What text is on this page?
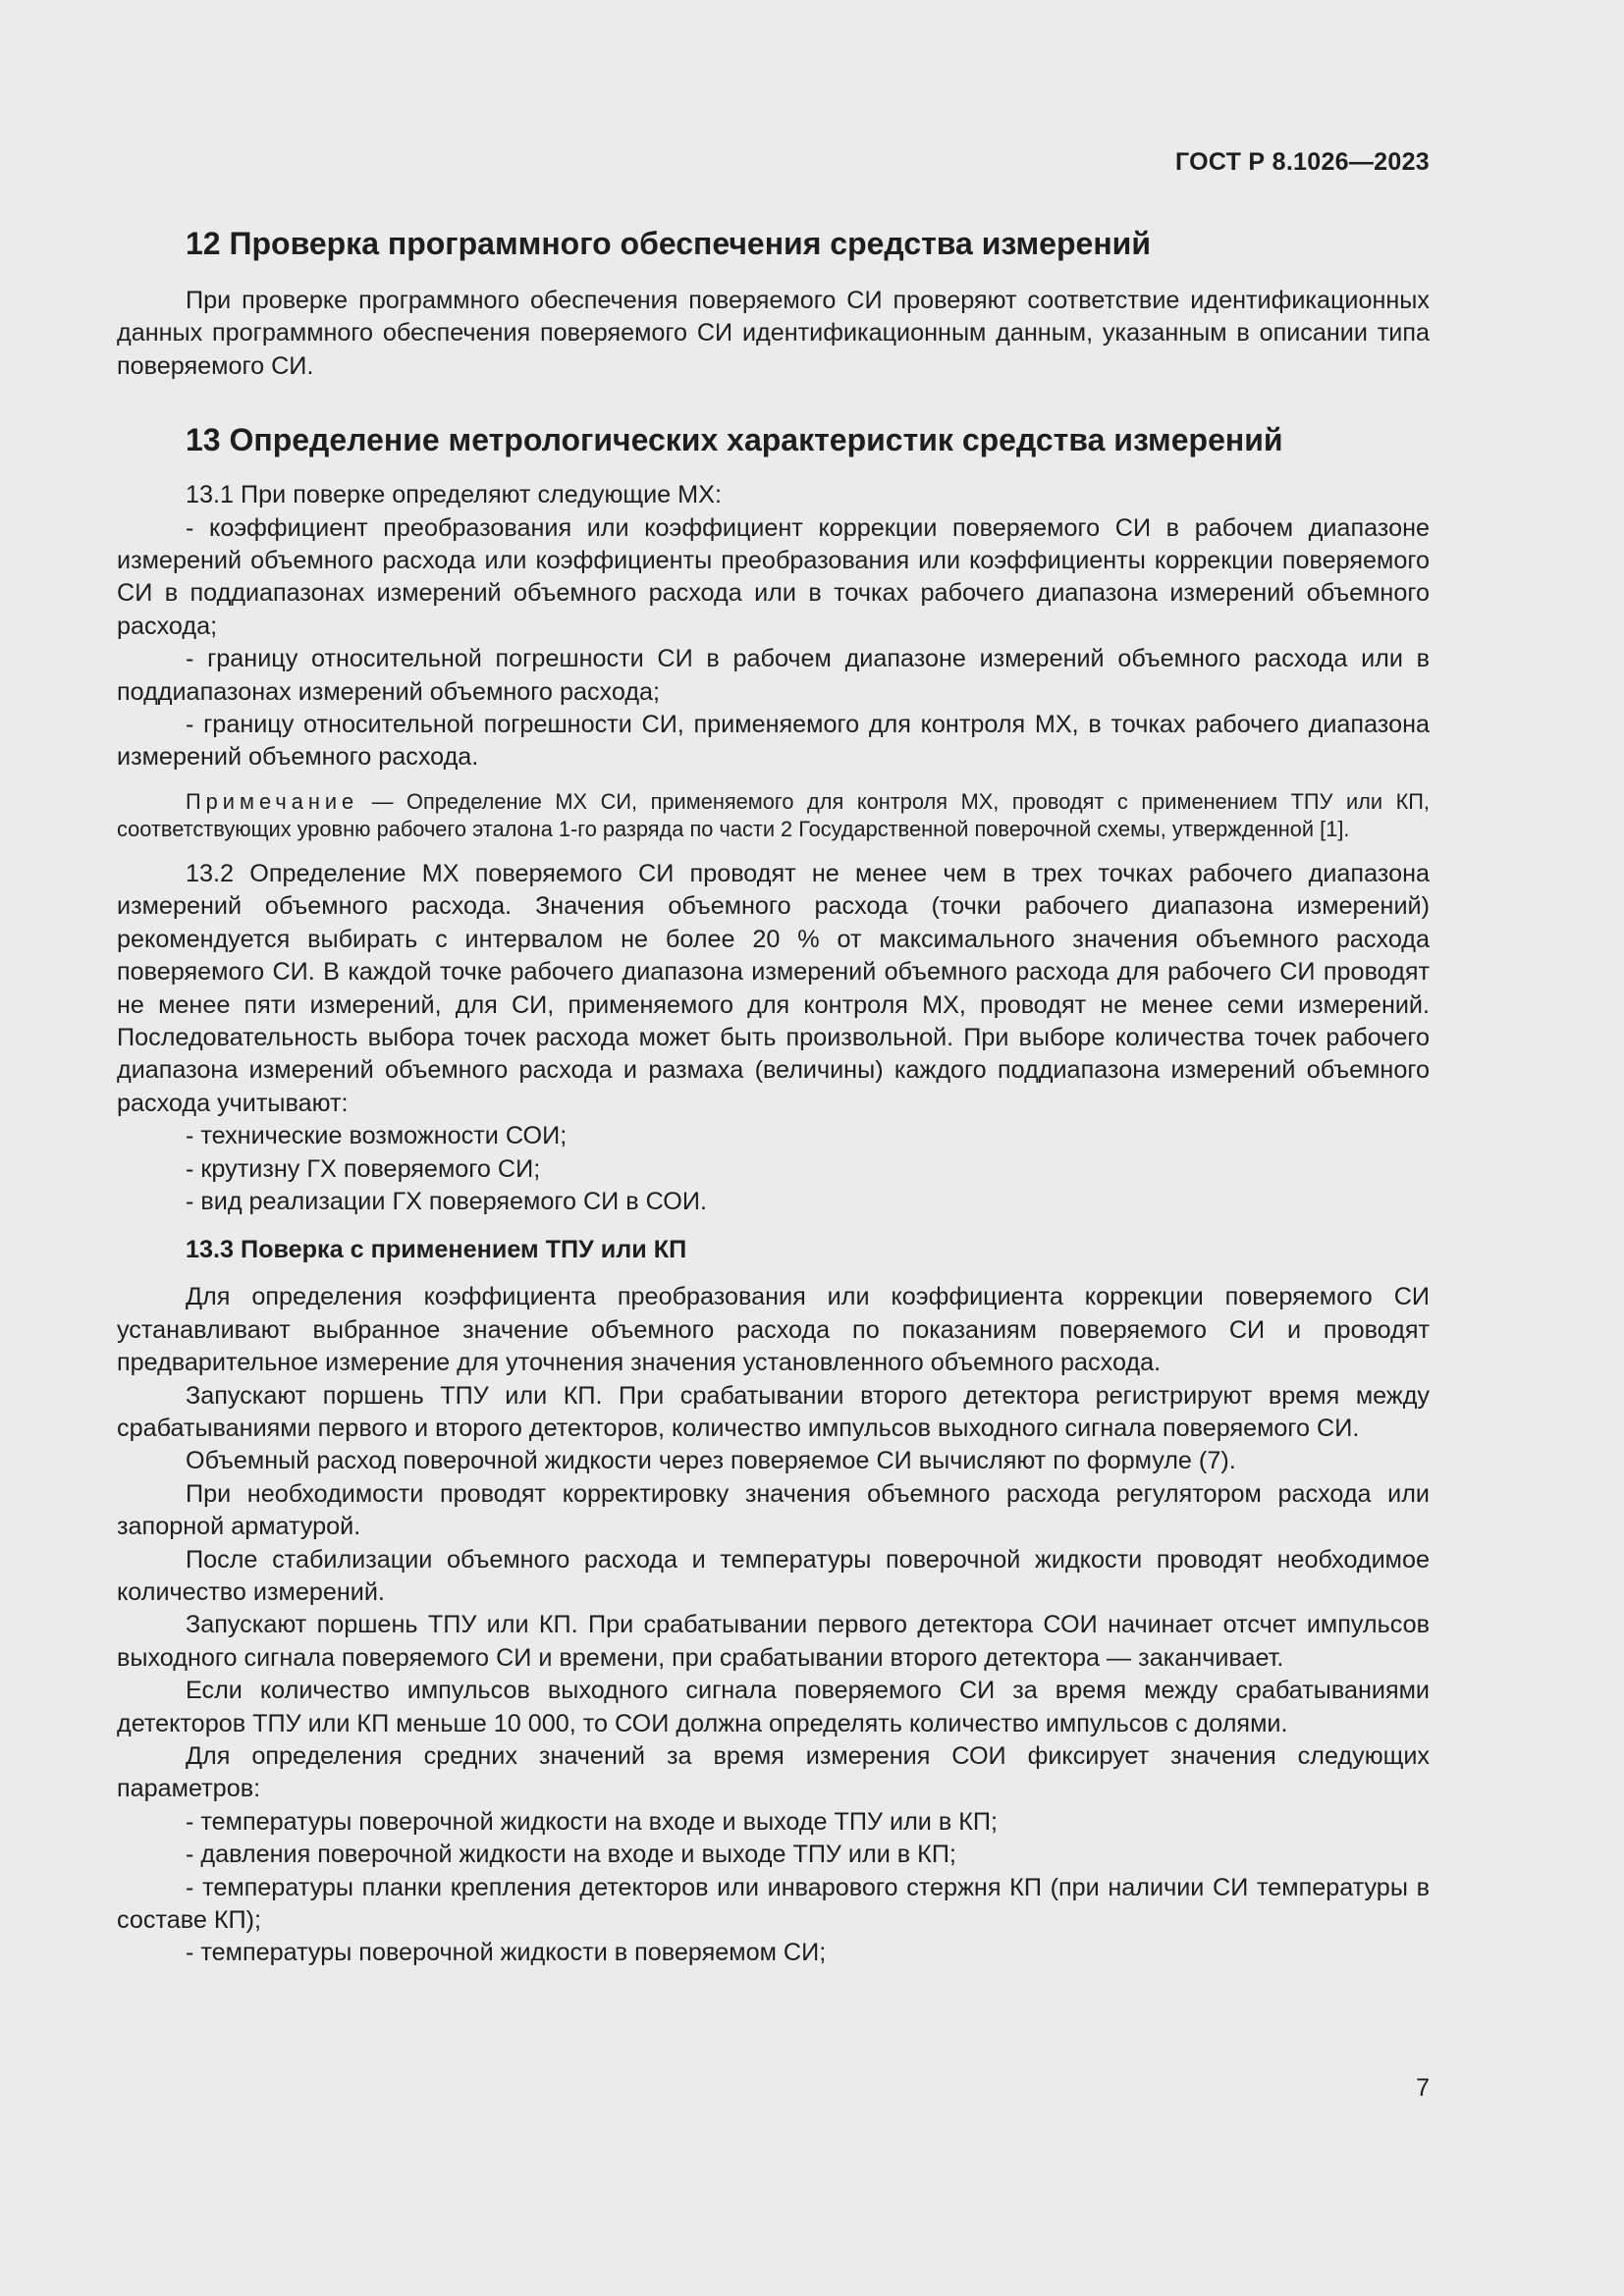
ГОСТ Р 8.1026—2023
12 Проверка программного обеспечения средства измерений

При проверке программного обеспечения поверяемого СИ проверяют соответствие идентификационных данных программного обеспечения поверяемого СИ идентификационным данным, указанным в описании типа поверяемого СИ.

13 Определение метрологических характеристик средства измерений

13.1 При поверке определяют следующие МХ:

- коэффициент преобразования или коэффициент коррекции поверяемого СИ в рабочем диапазоне измерений объемного расхода или коэффициенты преобразования или коэффициенты коррекции поверяемого СИ в поддиапазонах измерений объемного расхода или в точках рабочего диапазона измерений объемного расхода;

- границу относительной погрешности СИ в рабочем диапазоне измерений объемного расхода или в поддиапазонах измерений объемного расхода;

- границу относительной погрешности СИ, применяемого для контроля МХ, в точках рабочего диапазона измерений объемного расхода.

Примечание — Определение МХ СИ, применяемого для контроля МХ, проводят с применением ТПУ или КП, соответствующих уровню рабочего эталона 1-го разряда по части 2 Государственной поверочной схемы, утвержденной [1].

13.2 Определение МХ поверяемого СИ проводят не менее чем в трех точках рабочего диапазона измерений объемного расхода. Значения объемного расхода (точки рабочего диапазона измерений) рекомендуется выбирать с интервалом не более 20 % от максимального значения объемного расхода поверяемого СИ. В каждой точке рабочего диапазона измерений объемного расхода для рабочего СИ проводят не менее пяти измерений, для СИ, применяемого для контроля МХ, проводят не менее семи измерений. Последовательность выбора точек расхода может быть произвольной. При выборе количества точек рабочего диапазона измерений объемного расхода и размаха (величины) каждого поддиапазона измерений объемного расхода учитывают:

- технические возможности СОИ;

- крутизну ГХ поверяемого СИ;

- вид реализации ГХ поверяемого СИ в СОИ.

13.3 Поверка с применением ТПУ или КП

Для определения коэффициента преобразования или коэффициента коррекции поверяемого СИ устанавливают выбранное значение объемного расхода по показаниям поверяемого СИ и проводят предварительное измерение для уточнения значения установленного объемного расхода.

Запускают поршень ТПУ или КП. При срабатывании второго детектора регистрируют время между срабатываниями первого и второго детекторов, количество импульсов выходного сигнала поверяемого СИ.

Объемный расход поверочной жидкости через поверяемое СИ вычисляют по формуле (7).

При необходимости проводят корректировку значения объемного расхода регулятором расхода или запорной арматурой.

После стабилизации объемного расхода и температуры поверочной жидкости проводят необходимое количество измерений.

Запускают поршень ТПУ или КП. При срабатывании первого детектора СОИ начинает отсчет импульсов выходного сигнала поверяемого СИ и времени, при срабатывании второго детектора — заканчивает.

Если количество импульсов выходного сигнала поверяемого СИ за время между срабатываниями детекторов ТПУ или КП меньше 10 000, то СОИ должна определять количество импульсов с долями.

Для определения средних значений за время измерения СОИ фиксирует значения следующих параметров:

- температуры поверочной жидкости на входе и выходе ТПУ или в КП;

- давления поверочной жидкости на входе и выходе ТПУ или в КП;

- температуры планки крепления детекторов или инварового стержня КП (при наличии СИ температуры в составе КП);

- температуры поверочной жидкости в поверяемом СИ;

7
